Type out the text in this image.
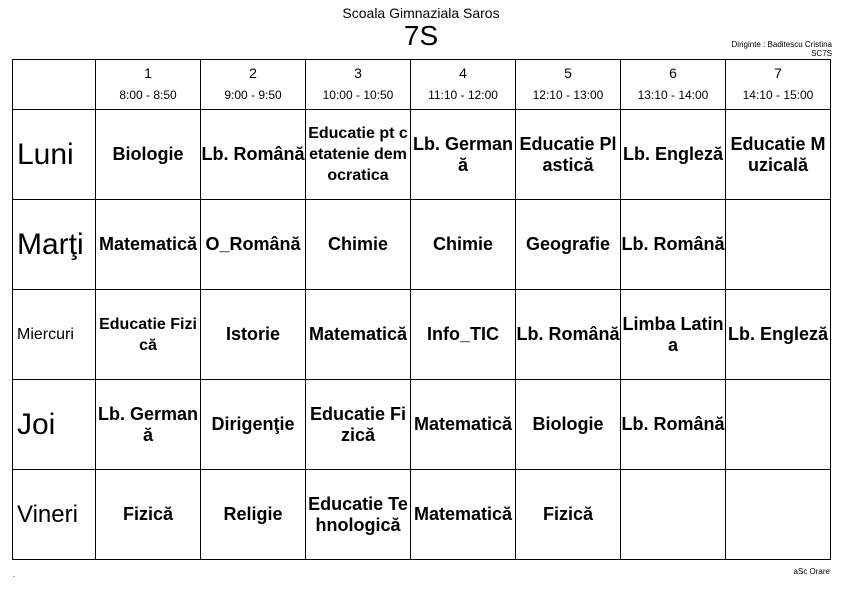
Scoala Gimnaziala Saros
7S	Diriginte : Baditescu Cristina
SC7S
	1	2	3	4	5	6	7
	8:00 - 8:50	9:00 - 9:50	10:00 - 10:50	11:10 - 12:00	12:10 - 13:00	13:10 - 14:00	14:10 - 15:00
Luni	Biologie	Lb. Română	Educatie pt cetatenie democratica	Lb. Germană	Educatie Plastică	Lb. Engleză	Educatie Muzicală
Marţi	Matematică	O_Română	Chimie	Chimie	Geografie	Lb. Română	
Miercuri	Educatie Fizică	Istorie	Matematică	Info_TIC	Lb. Română	Limba Latina	Lb. Engleză
Joi	Lb. Germană	Dirigenţie	Educatie Fizică	Matematică	Biologie	Lb. Română	
Vineri	Fizică	Religie	Educatie Tehnologică	Matematică	Fizică		
.	aSc Orare
